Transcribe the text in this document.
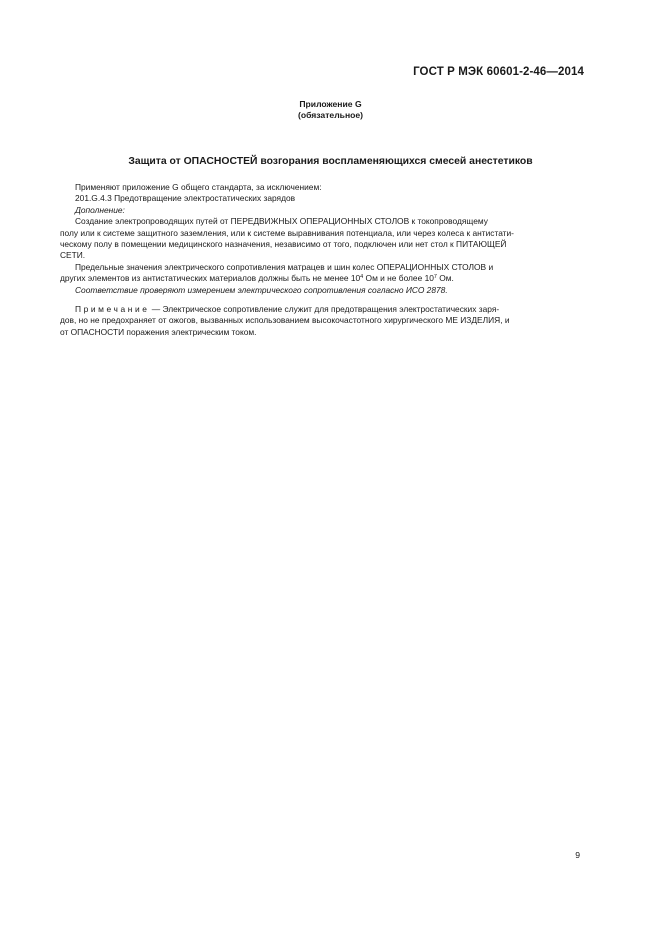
ГОСТ Р МЭК 60601-2-46—2014
Приложение G
(обязательное)
Защита от ОПАСНОСТЕЙ возгорания воспламеняющихся смесей анестетиков

Применяют приложение G общего стандарта, за исключением:

201.G.4.3 Предотвращение электростатических зарядов

Дополнение:

Создание электропроводящих путей от ПЕРЕДВИЖНЫХ ОПЕРАЦИОННЫХ СТОЛОВ к токопроводящему

полу или к системе защитного заземления, или к системе выравнивания потенциала, или через колеса к антистати-

ческому полу в помещении медицинского назначения, независимо от того, подключен или нет стол к ПИТАЮЩЕЙ

СЕТИ.

Предельные значения электрического сопротивления матрацев и шин колес ОПЕРАЦИОННЫХ СТОЛОВ и

других элементов из антистатических материалов должны быть не менее $10^4$ Ом и не более $10^7$ Ом.

Соответствие проверяют измерением электрического сопротивления согласно ИСО 2878.

Примечание — Электрическое сопротивление служит для предотвращения электростатических заря-

дов, но не предохраняет от ожогов, вызванных использованием высокочастотного хирургического МЕ ИЗДЕЛИЯ, и

от ОПАСНОСТИ поражения электрическим током.

9
